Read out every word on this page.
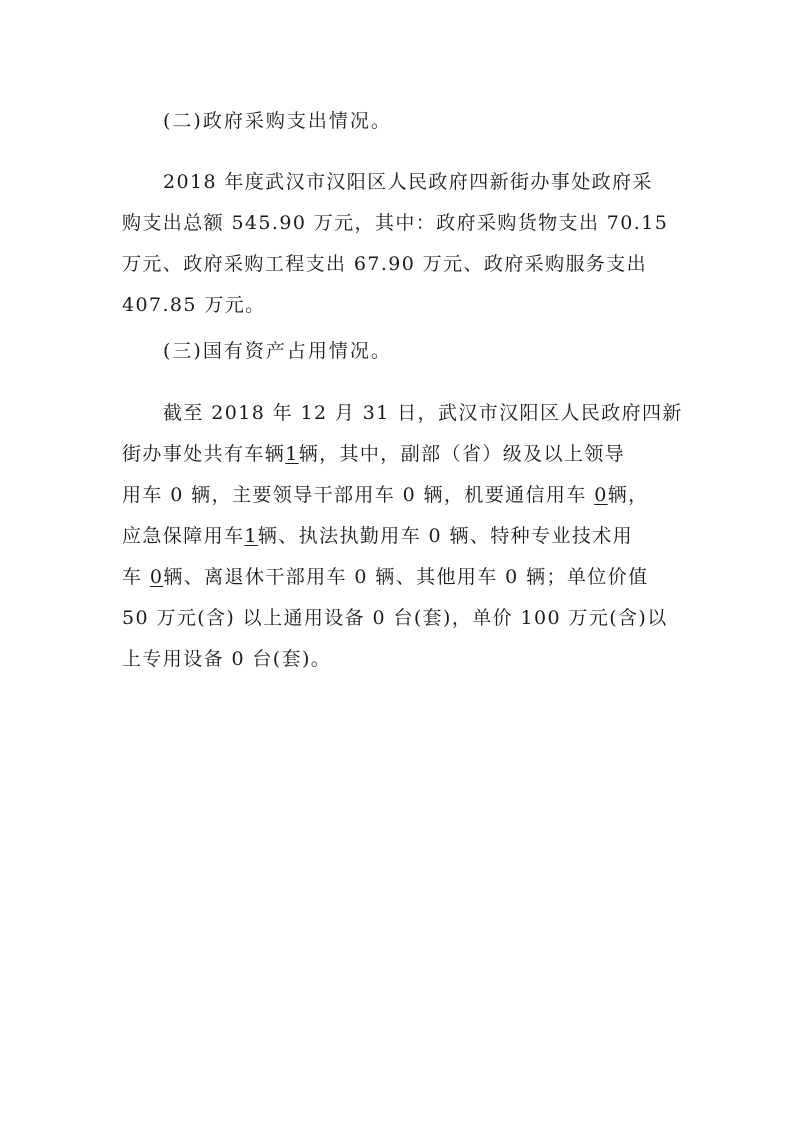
(二)政府采购支出情况。
2018 年度武汉市汉阳区人民政府四新街办事处政府采
购支出总额 545.90 万元，其中：政府采购货物支出 70.15
万元、政府采购工程支出 67.90 万元、政府采购服务支出
407.85 万元。
(三)国有资产占用情况。
截至 2018 年 12 月 31 日，武汉市汉阳区人民政府四新
街办事处共有车辆1辆，其中，副部（省）级及以上领导
用车 0 辆，主要领导干部用车 0 辆，机要通信用车 0辆，
应急保障用车1辆、执法执勤用车 0 辆、特种专业技术用
车 0辆、离退休干部用车 0 辆、其他用车 0 辆；单位价值
50 万元(含) 以上通用设备 0 台(套)，单价 100 万元(含)以
上专用设备 0 台(套)。
